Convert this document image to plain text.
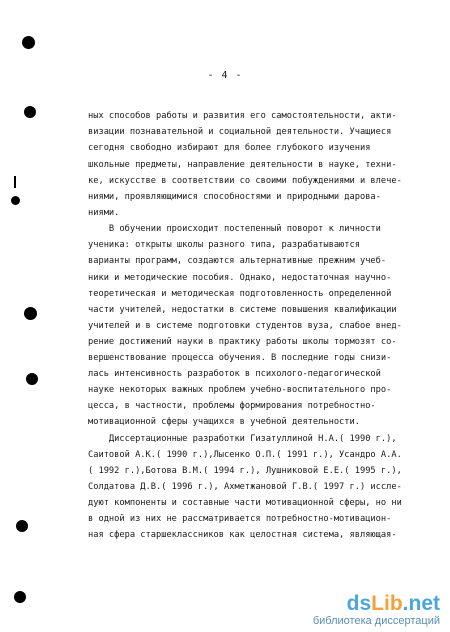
- 4 -
ных способов работы и развития его самостоятельности, акти-
визации познавательной и социальной деятельности. Учащиеся
сегодня свободно избирают для более глубокого изучения
школьные предметы, направление деятельности в науке, техни-
ке, искусстве в соответствии со своими побуждениями и влече-
ниями, проявляющимися способностями и природными дарова-
ниями.
В обучении происходит постепенный поворот к личности
ученика: открыты школы разного типа, разрабатываются
варианты программ, создаются альтернативные прежним учеб-
ники и методические пособия. Однако, недостаточная научно-
теоретическая и методическая подготовленность определенной
части учителей, недостатки в системе повышения квалификации
учителей и в системе подготовки студентов вуза, слабое внед-
рение достижений науки в практику работы школы тормозят со-
вершенствование процесса обучения. В последние годы снизи-
лась интенсивность разработок в психолого-педагогической
науке некоторых важных проблем учебно-воспитательного про-
цесса, в частности, проблемы формирования потребностно-
мотивационной сферы учащихся в учебной деятельности.
Диссертационные разработки Гизатуллиной Н.А.( 1990 г.),
Саитовой А.К.( 1990 г.),Лысенко О.П.( 1991 г.), Усандро А.А.
( 1992 г.),Ботова В.М.( 1994 г.), Лушниковой Е.Е.( 1995 г.),
Солдатова Д.В.( 1996 г.), Ахметжановой Г.В.( 1997 г.) иссле-
дуют компоненты и составные части мотивационной сферы, но ни
в одной из них не рассматривается потребностно-мотивацион-
ная сфера старшеклассников как целостная система, являющая-
dsLib.net
библиотека диссертаций
